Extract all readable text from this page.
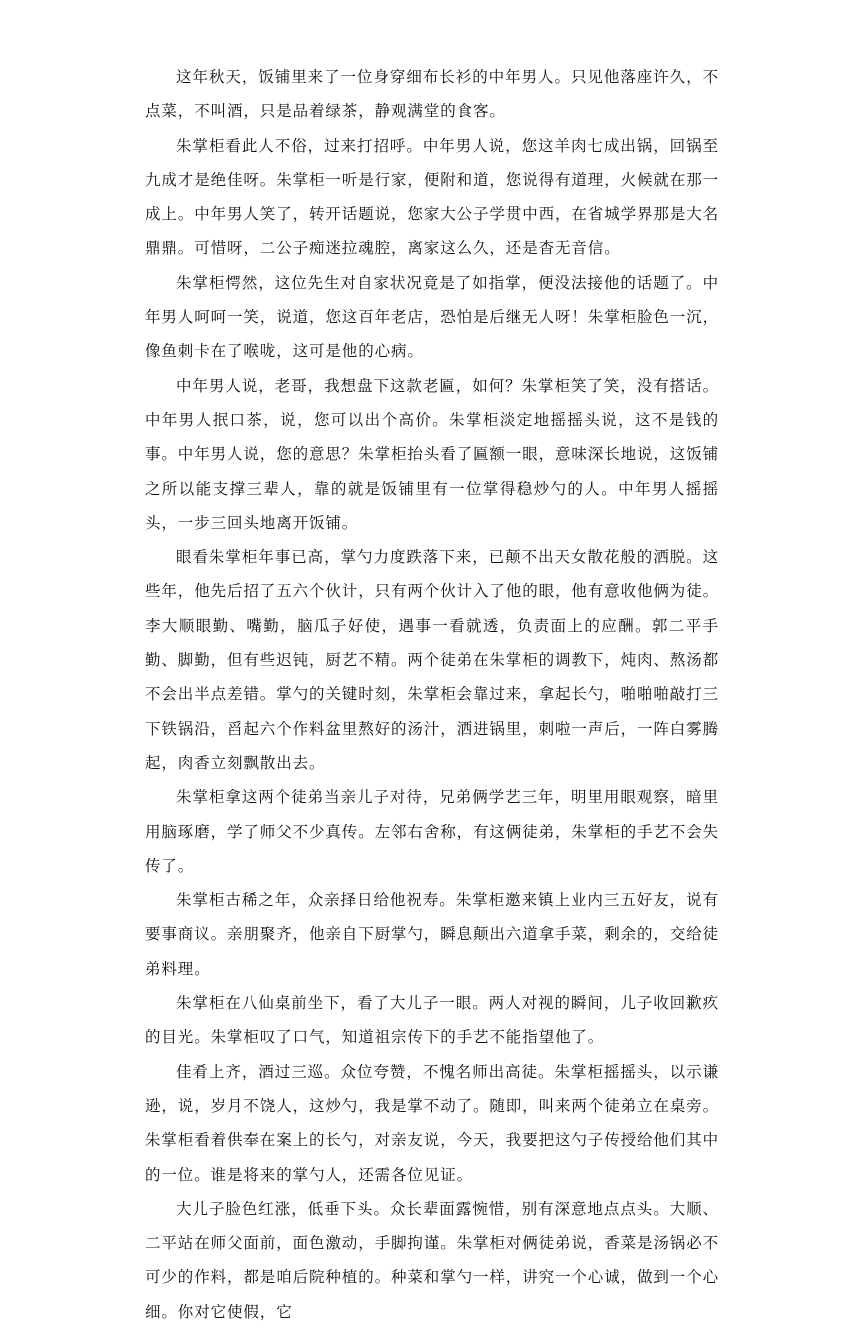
这年秋天，饭铺里来了一位身穿细布长衫的中年男人。只见他落座许久，不点菜，不叫酒，只是品着绿茶，静观满堂的食客。

朱掌柜看此人不俗，过来打招呼。中年男人说，您这羊肉七成出锅，回锅至九成才是绝佳呀。朱掌柜一听是行家，便附和道，您说得有道理，火候就在那一成上。中年男人笑了，转开话题说，您家大公子学贯中西，在省城学界那是大名鼎鼎。可惜呀，二公子痴迷拉魂腔，离家这么久，还是杳无音信。

朱掌柜愕然，这位先生对自家状况竟是了如指掌，便没法接他的话题了。中年男人呵呵一笑，说道，您这百年老店，恐怕是后继无人呀！朱掌柜脸色一沉，像鱼刺卡在了喉咙，这可是他的心病。

中年男人说，老哥，我想盘下这款老匾，如何？朱掌柜笑了笑，没有搭话。中年男人抿口茶，说，您可以出个高价。朱掌柜淡定地摇摇头说，这不是钱的事。中年男人说，您的意思？朱掌柜抬头看了匾额一眼，意味深长地说，这饭铺之所以能支撑三辈人，靠的就是饭铺里有一位掌得稳炒勺的人。中年男人摇摇头，一步三回头地离开饭铺。

眼看朱掌柜年事已高，掌勺力度跌落下来，已颠不出天女散花般的洒脱。这些年，他先后招了五六个伙计，只有两个伙计入了他的眼，他有意收他俩为徒。李大顺眼勤、嘴勤，脑瓜子好使，遇事一看就透，负责面上的应酬。郭二平手勤、脚勤，但有些迟钝，厨艺不精。两个徒弟在朱掌柜的调教下，炖肉、熬汤都不会出半点差错。掌勺的关键时刻，朱掌柜会靠过来，拿起长勺，啪啪啪敲打三下铁锅沿，舀起六个作料盆里熬好的汤汁，洒进锅里，刺啦一声后，一阵白雾腾起，肉香立刻飘散出去。

朱掌柜拿这两个徒弟当亲儿子对待，兄弟俩学艺三年，明里用眼观察，暗里用脑琢磨，学了师父不少真传。左邻右舍称，有这俩徒弟，朱掌柜的手艺不会失传了。

朱掌柜古稀之年，众亲择日给他祝寿。朱掌柜邀来镇上业内三五好友，说有要事商议。亲朋聚齐，他亲自下厨掌勺，瞬息颠出六道拿手菜，剩余的，交给徒弟料理。

朱掌柜在八仙桌前坐下，看了大儿子一眼。两人对视的瞬间，儿子收回歉疚的目光。朱掌柜叹了口气，知道祖宗传下的手艺不能指望他了。

佳肴上齐，酒过三巡。众位夸赞，不愧名师出高徒。朱掌柜摇摇头，以示谦逊，说，岁月不饶人，这炒勺，我是掌不动了。随即，叫来两个徒弟立在桌旁。朱掌柜看着供奉在案上的长勺，对亲友说，今天，我要把这勺子传授给他们其中的一位。谁是将来的掌勺人，还需各位见证。

大儿子脸色红涨，低垂下头。众长辈面露惋惜，别有深意地点点头。大顺、二平站在师父面前，面色激动，手脚拘谨。朱掌柜对俩徒弟说，香菜是汤锅必不可少的作料，都是咱后院种植的。种菜和掌勺一样，讲究一个心诚，做到一个心细。你对它使假，它
